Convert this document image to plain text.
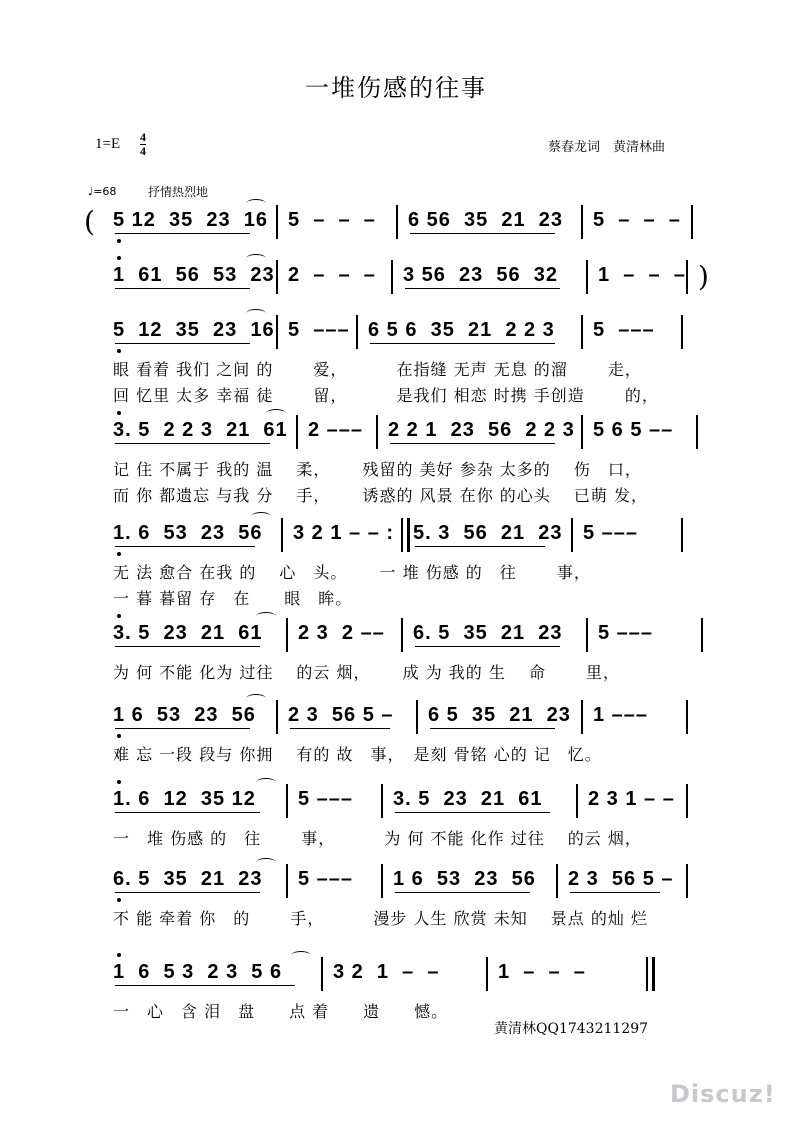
一堆伤感的往事
$1=E \frac{4}{4}$	蔡春龙词　黄清林曲
♩=68	抒情热烈地
( 5 12  35  23  16 5  –  –  – 6 56  35  21  23 5  –  –  –
1  61  56  53  23 2  –  –  – 3 56  23  56  32 1  –  –  – )
5  12  35  23  16 5  ––– 6 5 6  35  21  2 2 3 5  –––
眼 看着 我们 之间 的　　 爱，　　　 在指缝 无声 无息 的溜　　 走，
回 忆里 太多 幸福 徒　　 留，　　　 是我们 相恋 时携 手创造　　 的，
3. 5  2 2 3  21  61 2 ––– 2 2 1  23  56  2 2 3 5 6 5 ––
记 住 不属于 我的 温　 柔，　　 残留的 美好 参杂 太多的　 伤　口，
而 你 都遗忘 与我 分　 手，　　 诱惑的 风景 在你 的心头　 已萌 发，
1. 6  53  23  56 3 2 1 – – : 5. 3  56  21  23 5 –––
无 法 愈合 在我 的　 心　头。　　 一 堆 伤感 的　往　　 事，
一 暮 暮留 存　在　　眼　眸。
3. 5  23  21  61 2 3  2 –– 6. 5  35  21  23 5 –––
为 何 不能 化为 过往　 的云 烟，　　 成 为 我的 生　 命　　 里，
1 6  53  23  56 2 3  56 5 – 6 5  35  21  23 1 –––
难 忘 一段 段与 你拥　 有的 故　事，　是刻 骨铭 心的 记　忆。
1. 6  12  35 12 5 ––– 3. 5  23  21  61 2 3 1 – –
一　堆 伤感 的　往　　 事，　　　 为 何 不能 化作 过往　 的云 烟，
6. 5  35  21  23 5 ––– 1 6  53  23  56 2 3  56 5 –
不 能 牵着 你　的　　 手，　　　 漫步 人生 欣赏 未知　 景点 的灿 烂
1  6  5 3  2 3  5 6	3 2  1  –  –	1  –  –  –
一　心　含 泪　盘　　点 着　　遗　　憾。
黄清林QQ1743211297
Discuz!
